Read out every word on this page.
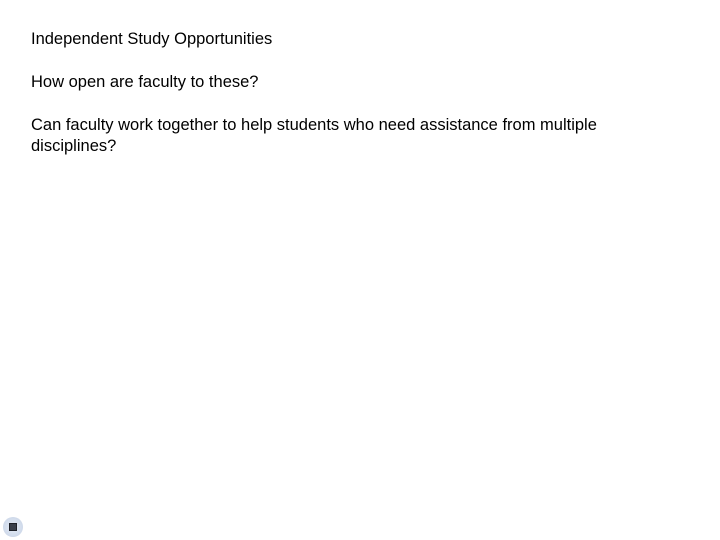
Independent Study Opportunities

How open are faculty to these?

Can faculty work together to help students who need assistance from multiple disciplines?
